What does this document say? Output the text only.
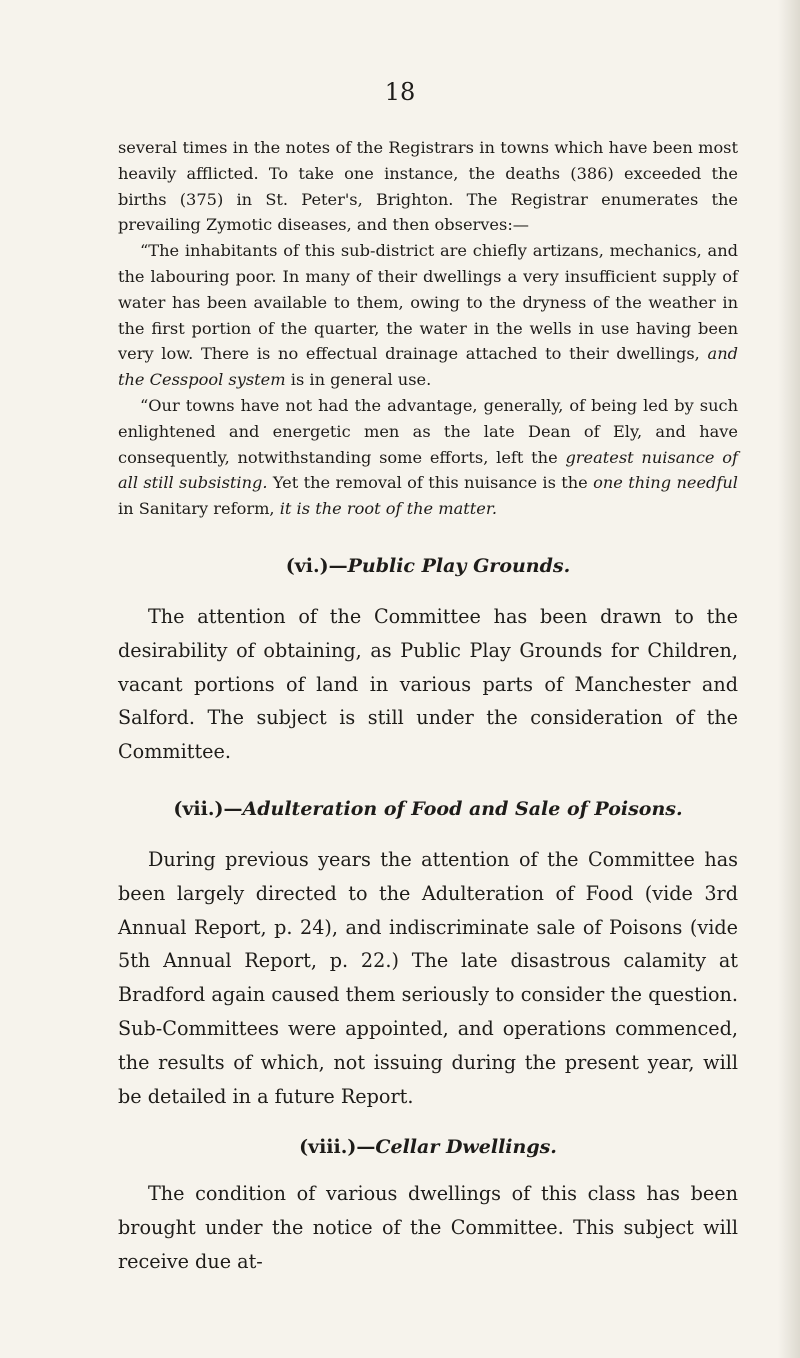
18

several times in the notes of the Registrars in towns which have been most heavily afflicted. To take one instance, the deaths (386) exceeded the births (375) in St. Peter's, Brighton. The Registrar enumerates the prevailing Zymotic diseases, and then observes:—

“The inhabitants of this sub-district are chiefly artizans, mechanics, and the labouring poor. In many of their dwellings a very insufficient supply of water has been available to them, owing to the dryness of the weather in the first portion of the quarter, the water in the wells in use having been very low. There is no effectual drainage attached to their dwellings, and the Cesspool system is in general use.

“Our towns have not had the advantage, generally, of being led by such enlightened and energetic men as the late Dean of Ely, and have consequently, notwithstanding some efforts, left the greatest nuisance of all still subsisting. Yet the removal of this nuisance is the one thing needful in Sanitary reform, it is the root of the matter.

(vi.)—Public Play Grounds.

The attention of the Committee has been drawn to the desirability of obtaining, as Public Play Grounds for Children, vacant portions of land in various parts of Manchester and Salford. The subject is still under the consideration of the Committee.

(vii.)—Adulteration of Food and Sale of Poisons.

During previous years the attention of the Committee has been largely directed to the Adulteration of Food (vide 3rd Annual Report, p. 24), and indiscriminate sale of Poisons (vide 5th Annual Report, p. 22.) The late disastrous calamity at Bradford again caused them seriously to consider the question. Sub-Committees were appointed, and operations commenced, the results of which, not issuing during the present year, will be detailed in a future Report.

(viii.)—Cellar Dwellings.

The condition of various dwellings of this class has been brought under the notice of the Committee. This subject will receive due at-
